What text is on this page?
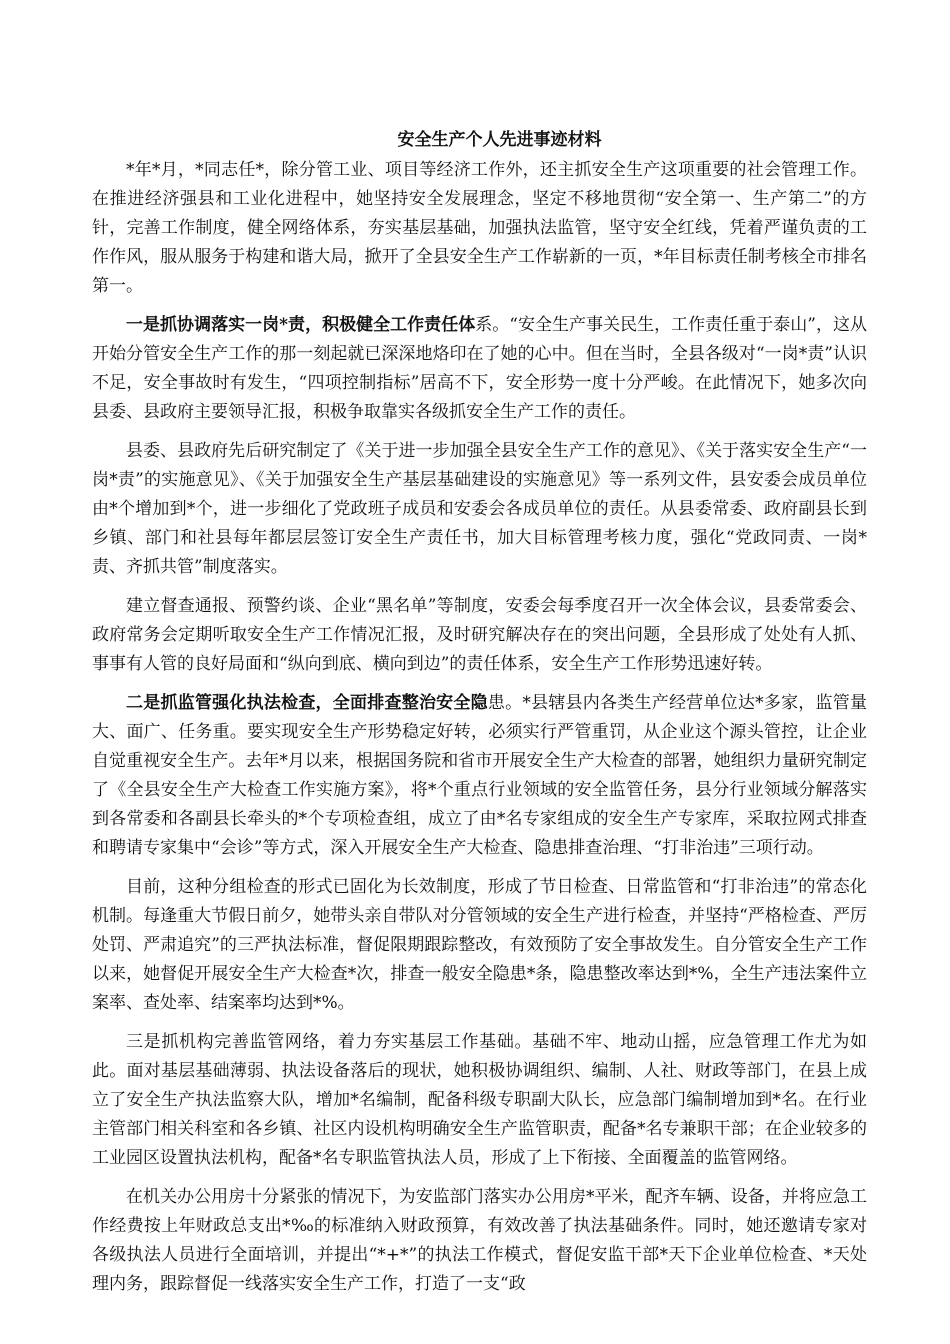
安全生产个人先进事迹材料

*年*月，*同志任*，除分管工业、项目等经济工作外，还主抓安全生产这项重要的社会管理工作。在推进经济强县和工业化进程中，她坚持安全发展理念，坚定不移地贯彻“安全第一、生产第二”的方针，完善工作制度，健全网络体系，夯实基层基础，加强执法监管，坚守安全红线，凭着严谨负责的工作作风，服从服务于构建和谐大局，掀开了全县安全生产工作崭新的一页，*年目标责任制考核全市排名第一。

一是抓协调落实一岗*责，积极健全工作责任体系。“安全生产事关民生，工作责任重于泰山”，这从开始分管安全生产工作的那一刻起就已深深地烙印在了她的心中。但在当时，全县各级对“一岗*责”认识不足，安全事故时有发生，“四项控制指标”居高不下，安全形势一度十分严峻。在此情况下，她多次向县委、县政府主要领导汇报，积极争取靠实各级抓安全生产工作的责任。

县委、县政府先后研究制定了《关于进一步加强全县安全生产工作的意见》、《关于落实安全生产“一岗*责”的实施意见》、《关于加强安全生产基层基础建设的实施意见》等一系列文件，县安委会成员单位由*个增加到*个，进一步细化了党政班子成员和安委会各成员单位的责任。从县委常委、政府副县长到乡镇、部门和社县每年都层层签订安全生产责任书，加大目标管理考核力度，强化“党政同责、一岗*责、齐抓共管”制度落实。

建立督查通报、预警约谈、企业“黑名单”等制度，安委会每季度召开一次全体会议，县委常委会、政府常务会定期听取安全生产工作情况汇报，及时研究解决存在的突出问题，全县形成了处处有人抓、事事有人管的良好局面和“纵向到底、横向到边”的责任体系，安全生产工作形势迅速好转。

二是抓监管强化执法检查，全面排查整治安全隐患。*县辖县内各类生产经营单位达*多家，监管量大、面广、任务重。要实现安全生产形势稳定好转，必须实行严管重罚，从企业这个源头管控，让企业自觉重视安全生产。去年*月以来，根据国务院和省市开展安全生产大检查的部署，她组织力量研究制定了《全县安全生产大检查工作实施方案》，将*个重点行业领域的安全监管任务，县分行业领域分解落实到各常委和各副县长牵头的*个专项检查组，成立了由*名专家组成的安全生产专家库，采取拉网式排查和聘请专家集中“会诊”等方式，深入开展安全生产大检查、隐患排查治理、“打非治违”三项行动。

目前，这种分组检查的形式已固化为长效制度，形成了节日检查、日常监管和“打非治违”的常态化机制。每逢重大节假日前夕，她带头亲自带队对分管领域的安全生产进行检查，并坚持“严格检查、严厉处罚、严肃追究”的三严执法标准，督促限期跟踪整改，有效预防了安全事故发生。自分管安全生产工作以来，她督促开展安全生产大检查*次，排查一般安全隐患*条，隐患整改率达到*%，全生产违法案件立案率、查处率、结案率均达到*%。

三是抓机构完善监管网络，着力夯实基层工作基础。基础不牢、地动山摇，应急管理工作尤为如此。面对基层基础薄弱、执法设备落后的现状，她积极协调组织、编制、人社、财政等部门，在县上成立了安全生产执法监察大队，增加*名编制，配备科级专职副大队长，应急部门编制增加到*名。在行业主管部门相关科室和各乡镇、社区内设机构明确安全生产监管职责，配备*名专兼职干部；在企业较多的工业园区设置执法机构，配备*名专职监管执法人员，形成了上下衔接、全面覆盖的监管网络。

在机关办公用房十分紧张的情况下，为安监部门落实办公用房*平米，配齐车辆、设备，并将应急工作经费按上年财政总支出*‰的标准纳入财政预算，有效改善了执法基础条件。同时，她还邀请专家对各级执法人员进行全面培训，并提出“*+*”的执法工作模式，督促安监干部*天下企业单位检查、*天处理内务，跟踪督促一线落实安全生产工作，打造了一支“政
